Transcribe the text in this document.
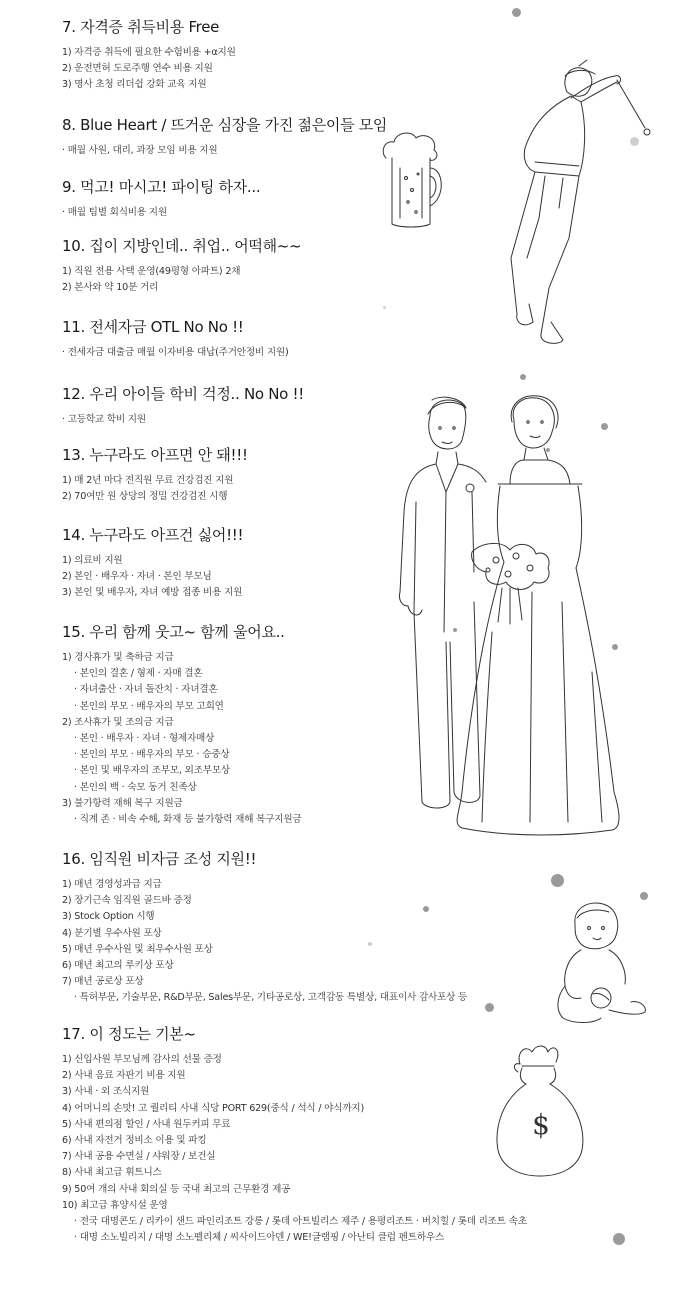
7. 자격증 취득비용 Free
1) 자격증 취득에 필요한 수험비용 +α지원
2) 운전면허 도로주행 연수 비용 지원
3) 명사 초청 리더쉽 강화 교육 지원
8. Blue Heart / 뜨거운 심장을 가진 젊은이들 모임
· 매월 사원, 대리, 과장 모임 비용 지원
9. 먹고! 마시고! 파이팅 하자...
· 매월 팀별 회식비용 지원
10. 집이 지방인데.. 취업.. 어떡해~~
1) 직원 전용 사택 운영(49평형 아파트) 2채
2) 본사와 약 10분 거리
11. 전세자금 OTL No No !!
· 전세자금 대출금 매월 이자비용 대납(주거안정비 지원)
12. 우리 아이들 학비 걱정.. No No !!
· 고등학교 학비 지원
13. 누구라도 아프면 안 돼!!!
1) 매 2년 마다 전직원 무료 건강검진 지원
2) 70여만 원 상당의 정밀 건강검진 시행
14. 누구라도 아프건 싫어!!!
1) 의료비 지원
2) 본인 · 배우자 · 자녀 · 본인 부모님
3) 본인 및 배우자, 자녀 예방 접종 비용 지원
15. 우리 함께 웃고~ 함께 울어요..
1) 경사휴가 및 축하금 지급
· 본인의 결혼 / 형제 · 자매 결혼
· 자녀출산 · 자녀 돌잔치 · 자녀결혼
· 본인의 부모 · 배우자의 부모 고희연
2) 조사휴가 및 조의금 지급
· 본인 · 배우자 · 자녀 · 형제자매상
· 본인의 부모 · 배우자의 부모 · 승중상
· 본인 및 배우자의 조부모, 외조부모상
· 본인의 백 · 숙모 동거 친족상
3) 불가항력 재해 복구 지원금
· 직계 존 · 비속 수해, 화재 등 불가항력 재해 복구지원금
16. 임직원 비자금 조성 지원!!
1) 매년 경영성과급 지급
2) 장기근속 임직원 골드바 증정
3) Stock Option 시행
4) 분기별 우수사원 포상
5) 매년 우수사원 및 최우수사원 포상
6) 매년 최고의 루키상 포상
7) 매년 공로상 포상
· 특허부문, 기술부문, R&D부문, Sales부문, 기타공로상, 고객감동 특별상, 대표이사 감사포상 등
17. 이 정도는 기본~
1) 신입사원 부모님께 감사의 선물 증정
2) 사내 음료 자판기 비용 지원
3) 사내 · 외 조식지원
4) 어머니의 손맛! 고 퀄리티 사내 식당 PORT 629(중식 / 석식 / 야식까지)
5) 사내 편의점 할인 / 사내 원두커피 무료
6) 사내 자전거 정비소 이용 및 파킹
7) 사내 공용 수면실 / 샤워장 / 보건실
8) 사내 최고급 휘트니스
9) 50여 개의 사내 회의실 등 국내 최고의 근무환경 제공
10) 최고급 휴양시설 운영
· 전국 대명콘도 / 리카이 샌드 파인리조트 강릉 / 롯데 아트빌리스 제주 / 용평리조트 · 버치힐 / 롯데 리조트 속초
· 대명 소노빌리지 / 대명 소노펠리체 / 씨사이드아덴 / WE!글램핑 / 아난티 클럽 펜트하우스
$
